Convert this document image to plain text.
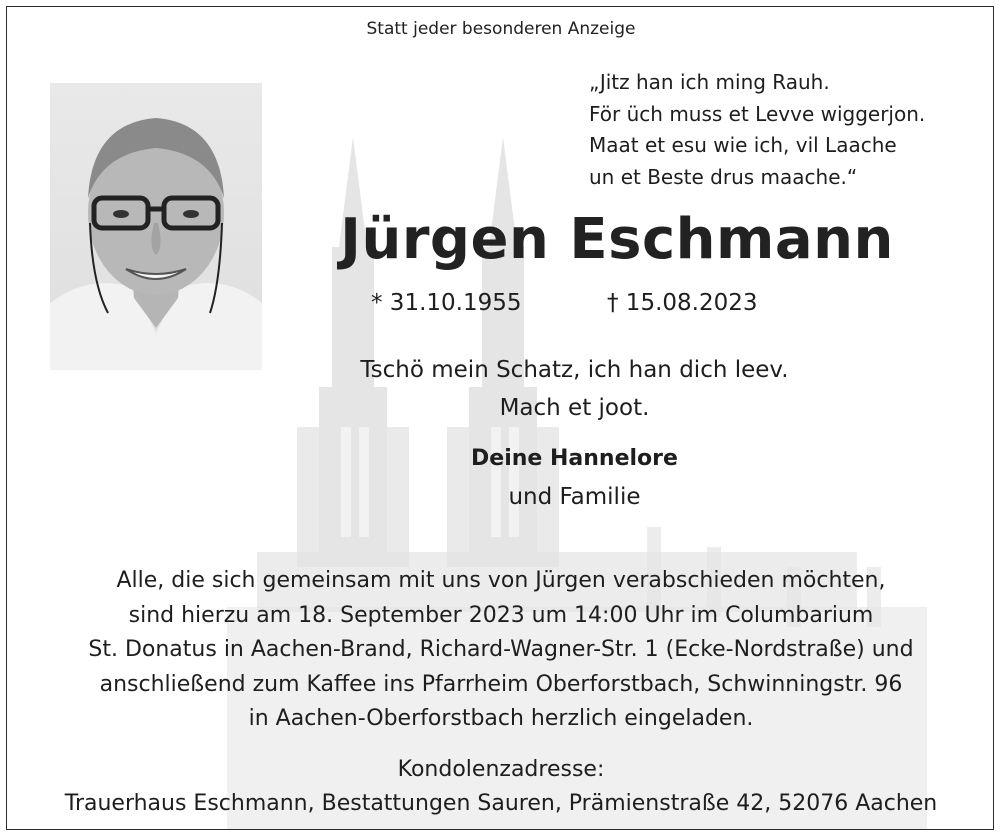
Statt jeder besonderen Anzeige
„Jitz han ich ming Rauh.
För üch muss et Levve wiggerjon.
Maat et esu wie ich, vil Laache
un et Beste drus maache.“
Jürgen Eschmann
* 31.10.1955	† 15.08.2023
Tschö mein Schatz, ich han dich leev.
Mach et joot.
Deine Hannelore
und Familie
Alle, die sich gemeinsam mit uns von Jürgen verabschieden möchten,
sind hierzu am 18. September 2023 um 14:00 Uhr im Columbarium
St. Donatus in Aachen-Brand, Richard-Wagner-Str. 1 (Ecke-Nordstraße) und
anschließend zum Kaffee ins Pfarrheim Oberforstbach, Schwinningstr. 96
in Aachen-Oberforstbach herzlich eingeladen.
Kondolenzadresse:
Trauerhaus Eschmann, Bestattungen Sauren, Prämienstraße 42, 52076 Aachen
